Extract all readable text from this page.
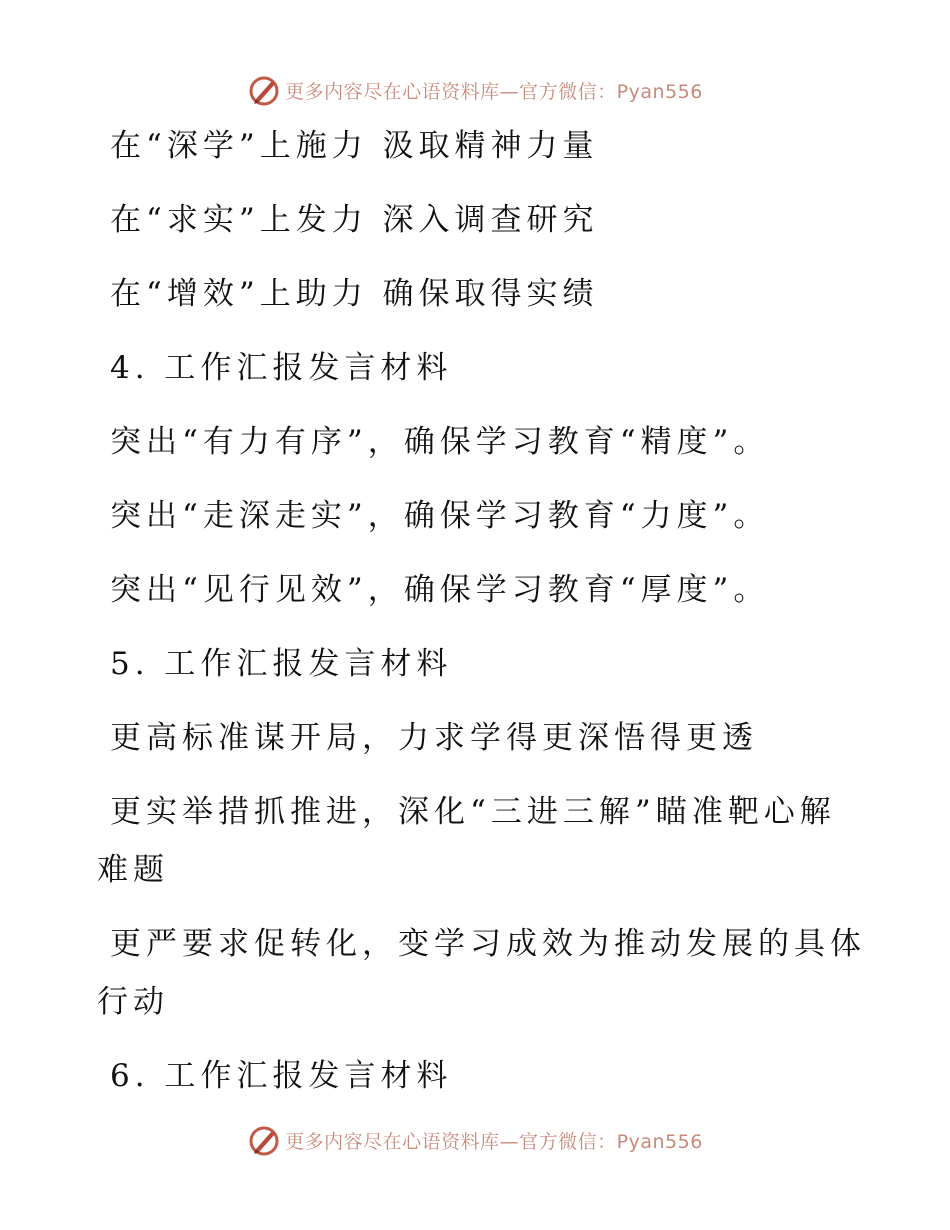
更多内容尽在心语资料库—官方微信：Pyan556
在“深学”上施力 汲取精神力量
在“求实”上发力 深入调查研究
在“增效”上助力 确保取得实绩
4. 工作汇报发言材料
突出“有力有序”，确保学习教育“精度”。
突出“走深走实”，确保学习教育“力度”。
突出“见行见效”，确保学习教育“厚度”。
5. 工作汇报发言材料
更高标准谋开局，力求学得更深悟得更透
更实举措抓推进，深化“三进三解”瞄准靶心解
难题
更严要求促转化，变学习成效为推动发展的具体
行动
6. 工作汇报发言材料
更多内容尽在心语资料库—官方微信：Pyan556
